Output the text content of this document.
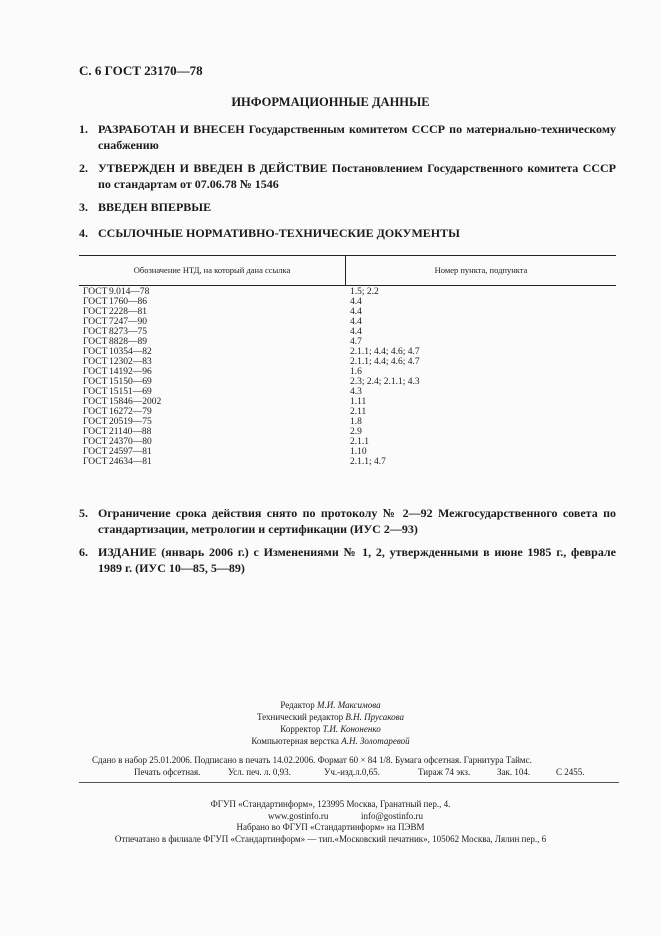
С. 6 ГОСТ 23170—78
ИНФОРМАЦИОННЫЕ ДАННЫЕ
1. РАЗРАБОТАН И ВНЕСЕН Государственным комитетом СССР по материально-техническому снабжению
2. УТВЕРЖДЕН И ВВЕДЕН В ДЕЙСТВИЕ Постановлением Государственного комитета СССР по стандартам от 07.06.78 № 1546
3. ВВЕДЕН ВПЕРВЫЕ
4. ССЫЛОЧНЫЕ НОРМАТИВНО-ТЕХНИЧЕСКИЕ ДОКУМЕНТЫ
Обозначение НТД, на который дана ссылка	Номер пункта, подпункта
ГОСТ 9.014—78	1.5; 2.2
ГОСТ 1760—86	4.4
ГОСТ 2228—81	4.4
ГОСТ 7247—90	4.4
ГОСТ 8273—75	4.4
ГОСТ 8828—89	4.7
ГОСТ 10354—82	2.1.1; 4.4; 4.6; 4.7
ГОСТ 12302—83	2.1.1; 4.4; 4.6; 4.7
ГОСТ 14192—96	1.6
ГОСТ 15150—69	2.3; 2.4; 2.1.1; 4.3
ГОСТ 15151—69	4.3
ГОСТ 15846—2002	1.11
ГОСТ 16272—79	2.11
ГОСТ 20519—75	1.8
ГОСТ 21140—88	2.9
ГОСТ 24370—80	2.1.1
ГОСТ 24597—81	1.10
ГОСТ 24634—81	2.1.1; 4.7
5. Ограничение срока действия снято по протоколу № 2—92 Межгосударственного совета по стандартизации, метрологии и сертификации (ИУС 2—93)
6. ИЗДАНИЕ (январь 2006 г.) с Изменениями № 1, 2, утвержденными в июне 1985 г., феврале 1989 г. (ИУС 10—85, 5—89)
Редактор М.И. Максимова
Технический редактор В.Н. Прусакова
Корректор Т.И. Кононенко
Компьютерная верстка А.Н. Золотаревой
Сдано в набор 25.01.2006. Подписано в печать 14.02.2006. Формат 60 × 84 1/8. Бумага офсетная. Гарнитура Таймс.
Печать офсетная.	Усл. печ. л. 0,93.	Уч.-изд.л.0,65.	Тираж 74 экз.	Зак. 104.	С 2455.
ФГУП «Стандартинформ», 123995 Москва, Гранатный пер., 4.
www.gostinfo.ru	info@gostinfo.ru
Набрано во ФГУП «Стандартинформ» на ПЭВМ
Отпечатано в филиале ФГУП «Стандартинформ» — тип.«Московский печатник», 105062 Москва, Лялин пер., 6
